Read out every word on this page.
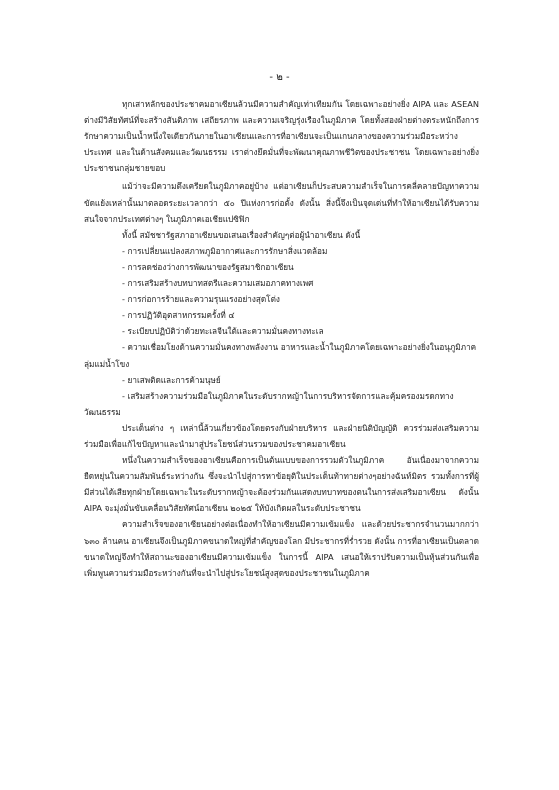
- ๒ -

ทุกเสาหลักของประชาคมอาเซียนล้วนมีความสำคัญเท่าเทียมกัน โดยเฉพาะอย่างยิ่ง AIPA และ ASEAN ต่างมีวิสัยทัศน์ที่จะสร้างสันติภาพ เสถียรภาพ และความเจริญรุ่งเรืองในภูมิภาค โดยทั้งสองฝ่ายต่างตระหนักถึงการรักษาความเป็นน้ำหนึ่งใจเดียวกันภายในอาเซียนและการที่อาเซียนจะเป็นแกนกลางของความร่วมมือระหว่างประเทศ และในด้านสังคมและวัฒนธรรม เราต่างยึดมั่นที่จะพัฒนาคุณภาพชีวิตของประชาชน โดยเฉพาะอย่างยิ่งประชาชนกลุ่มชายขอบ

แม้ว่าจะมีความตึงเครียดในภูมิภาคอยู่บ้าง แต่อาเซียนก็ประสบความสำเร็จในการคลี่คลายปัญหาความขัดแย้งเหล่านั้นมาตลอดระยะเวลากว่า ๕๐ ปีแห่งการก่อตั้ง ดังนั้น สิ่งนี้จึงเป็นจุดเด่นที่ทำให้อาเซียนได้รับความสนใจจากประเทศต่างๆ ในภูมิภาคเอเชียแปซิฟิก

ทั้งนี้ สมัชชารัฐสภาอาเซียนขอเสนอเรื่องสำคัญๆต่อผู้นำอาเซียน ดังนี้

- การเปลี่ยนแปลงสภาพภูมิอากาศและการรักษาสิ่งแวดล้อม
- การลดช่องว่างการพัฒนาของรัฐสมาชิกอาเซียน
- การเสริมสร้างบทบาทสตรีและความเสมอภาคทางเพศ
- การก่อการร้ายและความรุนแรงอย่างสุดโต่ง
- การปฏิวัติอุตสาหกรรมครั้งที่ ๔
- ระเบียบปฏิบัติว่าด้วยทะเลจีนใต้และความมั่นคงทางทะเล
- ความเชื่อมโยงด้านความมั่นคงทางพลังงาน อาหารและน้ำในภูมิภาคโดยเฉพาะอย่างยิ่งในอนุภูมิภาคลุ่มแม่น้ำโขง
- ยาเสพติดและการค้ามนุษย์
- เสริมสร้างความร่วมมือในภูมิภาคในระดับรากหญ้าในการบริหารจัดการและคุ้มครองมรดกทางวัฒนธรรม

ประเด็นต่าง ๆ เหล่านี้ล้วนเกี่ยวข้องโดยตรงกับฝ่ายบริหาร และฝ่ายนิติบัญญัติ ควรร่วมส่งเสริมความร่วมมือเพื่อแก้ไขปัญหาและนำมาสู่ประโยชน์ส่วนรวมของประชาคมอาเซียน

หนึ่งในความสำเร็จของอาเซียนคือการเป็นต้นแบบของการรวมตัวในภูมิภาค อันเนื่องมาจากความยืดหยุ่นในความสัมพันธ์ระหว่างกัน ซึ่งจะนำไปสู่การหาข้อยุติในประเด็นท้าทายต่างๆอย่างฉันท์มิตร รวมทั้งการที่ผู้มีส่วนได้เสียทุกฝ่ายโดยเฉพาะในระดับรากหญ้าจะต้องร่วมกันแสดงบทบาทของตนในการส่งเสริมอาเซียน ดังนั้น AIPA จะมุ่งมั่นขับเคลื่อนวิสัยทัศน์อาเซียน ๒๐๒๕ ให้บังเกิดผลในระดับประชาชน

ความสำเร็จของอาเซียนอย่างต่อเนื่องทำให้อาเซียนมีความเข้มแข็ง และด้วยประชากรจำนวนมากกว่า ๖๓๐ ล้านคน อาเซียนจึงเป็นภูมิภาคขนาดใหญ่ที่สำคัญของโลก มีประชากรที่ร่ำรวย ดังนั้น การที่อาเซียนเป็นตลาดขนาดใหญ่จึงทำให้สถานะของอาเซียนมีความเข้มแข็ง ในการนี้ AIPA เสนอให้เราปรับความเป็นหุ้นส่วนกันเพื่อเพิ่มพูนความร่วมมือระหว่างกันที่จะนำไปสู่ประโยชน์สูงสุดของประชาชนในภูมิภาค
